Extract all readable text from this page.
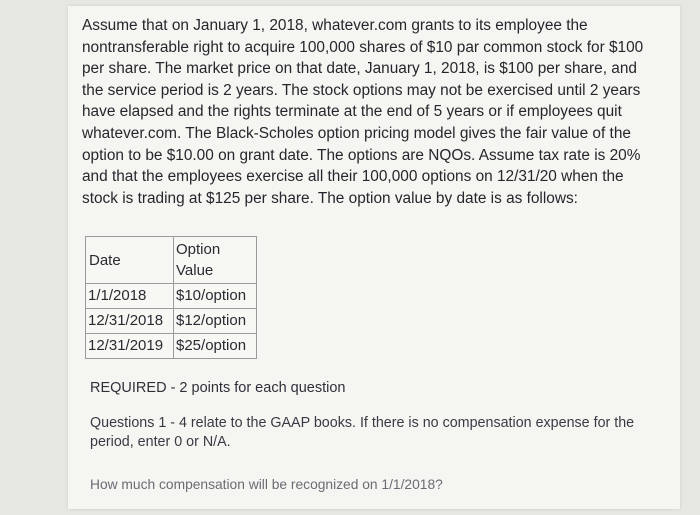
Assume that on January 1, 2018, whatever.com grants to its employee the nontransferable right to acquire 100,000 shares of $10 par common stock for $100 per share. The market price on that date, January 1, 2018, is $100 per share, and the service period is 2 years. The stock options may not be exercised until 2 years have elapsed and the rights terminate at the end of 5 years or if employees quit whatever.com. The Black-Scholes option pricing model gives the fair value of the option to be $10.00 on grant date. The options are NQOs. Assume tax rate is 20% and that the employees exercise all their 100,000 options on 12/31/20 when the stock is trading at $125 per share. The option value by date is as follows:

Date	Option Value
1/1/2018	$10/option
12/31/2018	$12/option
12/31/2019	$25/option

REQUIRED - 2 points for each question

Questions 1 - 4 relate to the GAAP books. If there is no compensation expense for the period, enter 0 or N/A.

How much compensation will be recognized on 1/1/2018?
